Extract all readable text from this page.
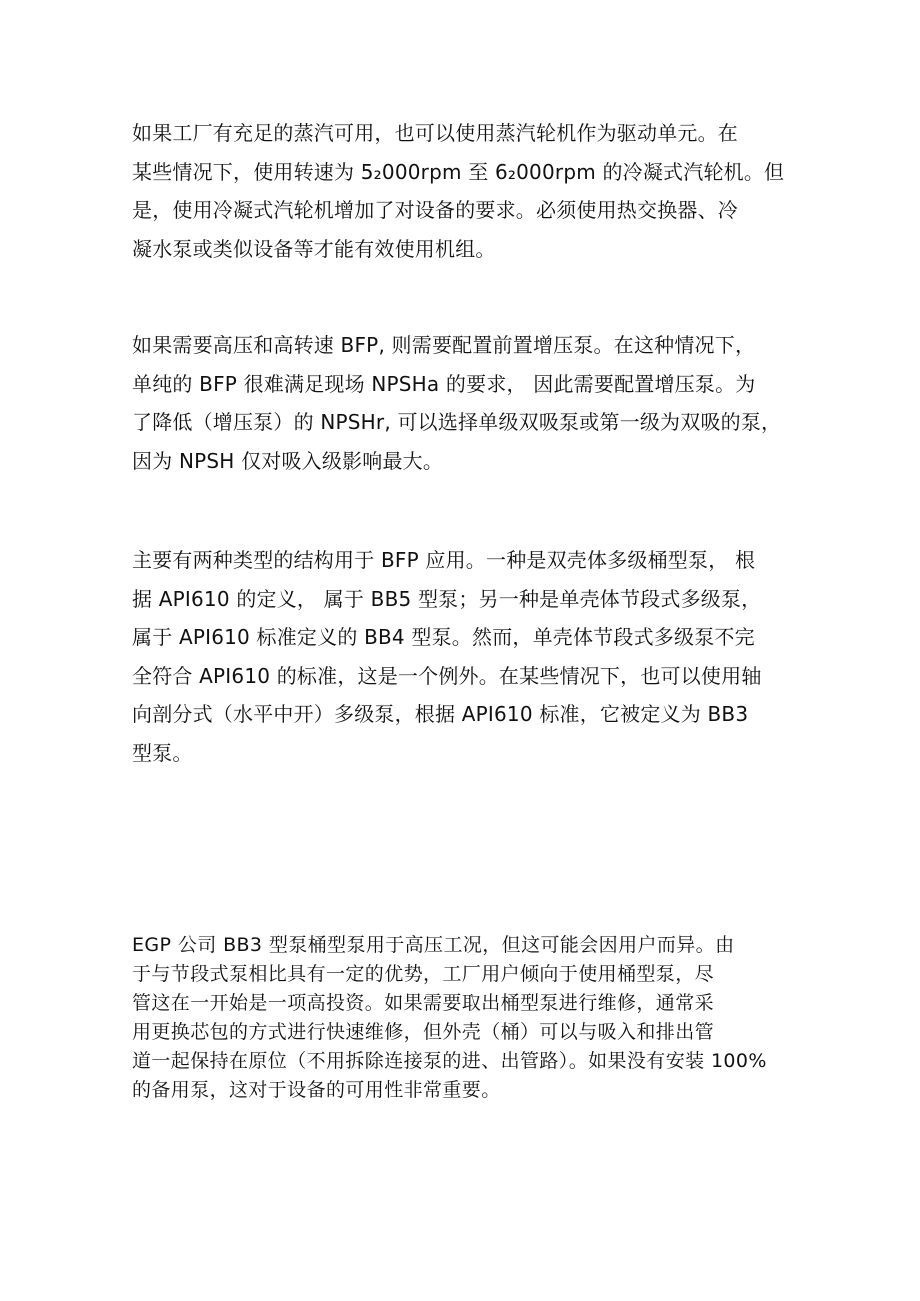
如果工厂有充足的蒸汽可用，也可以使用蒸汽轮机作为驱动单元。在
某些情况下，使用转速为 5₂000rpm 至 6₂000rpm 的冷凝式汽轮机。但
是，使用冷凝式汽轮机增加了对设备的要求。必须使用热交换器、冷
凝水泵或类似设备等才能有效使用机组。
如果需要高压和高转速 BFP, 则需要配置前置增压泵。在这种情况下，
单纯的 BFP 很难满足现场 NPSHa 的要求， 因此需要配置增压泵。为
了降低（增压泵）的 NPSHr, 可以选择单级双吸泵或第一级为双吸的泵，
因为 NPSH 仅对吸入级影响最大。
主要有两种类型的结构用于 BFP 应用。一种是双壳体多级桶型泵， 根
据 API610 的定义， 属于 BB5 型泵；另一种是单壳体节段式多级泵，
属于 API610 标准定义的 BB4 型泵。然而，单壳体节段式多级泵不完
全符合 API610 的标准，这是一个例外。在某些情况下，也可以使用轴
向剖分式（水平中开）多级泵，根据 API610 标准，它被定义为 BB3
型泵。
EGP 公司 BB3 型泵桶型泵用于高压工况，但这可能会因用户而异。由
于与节段式泵相比具有一定的优势，工厂用户倾向于使用桶型泵，尽
管这在一开始是一项高投资。如果需要取出桶型泵进行维修，通常采
用更换芯包的方式进行快速维修，但外壳（桶）可以与吸入和排出管
道一起保持在原位（不用拆除连接泵的进、出管路）。如果没有安装 100%
的备用泵，这对于设备的可用性非常重要。
